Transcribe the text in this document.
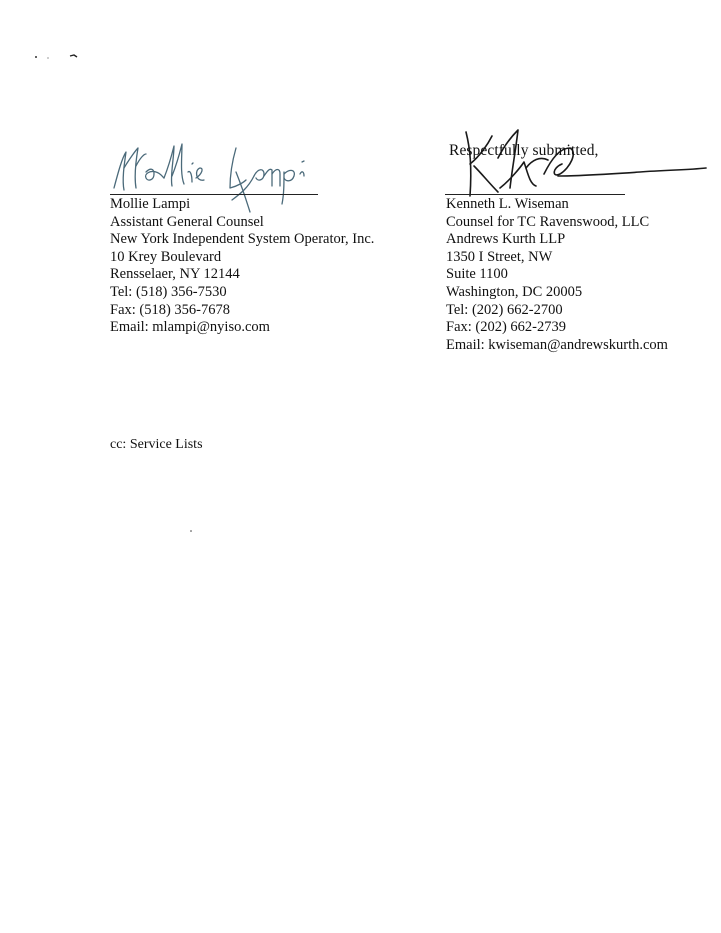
Respectfully submitted,
Mollie Lampi
Assistant General Counsel
New York Independent System Operator, Inc.
10 Krey Boulevard
Rensselaer, NY 12144
Tel: (518) 356-7530
Fax: (518) 356-7678
Email: mlampi@nyiso.com
Kenneth L. Wiseman
Counsel for TC Ravenswood, LLC
Andrews Kurth LLP
1350 I Street, NW
Suite 1100
Washington, DC 20005
Tel: (202) 662-2700
Fax: (202) 662-2739
Email: kwiseman@andrewskurth.com
cc: Service Lists
